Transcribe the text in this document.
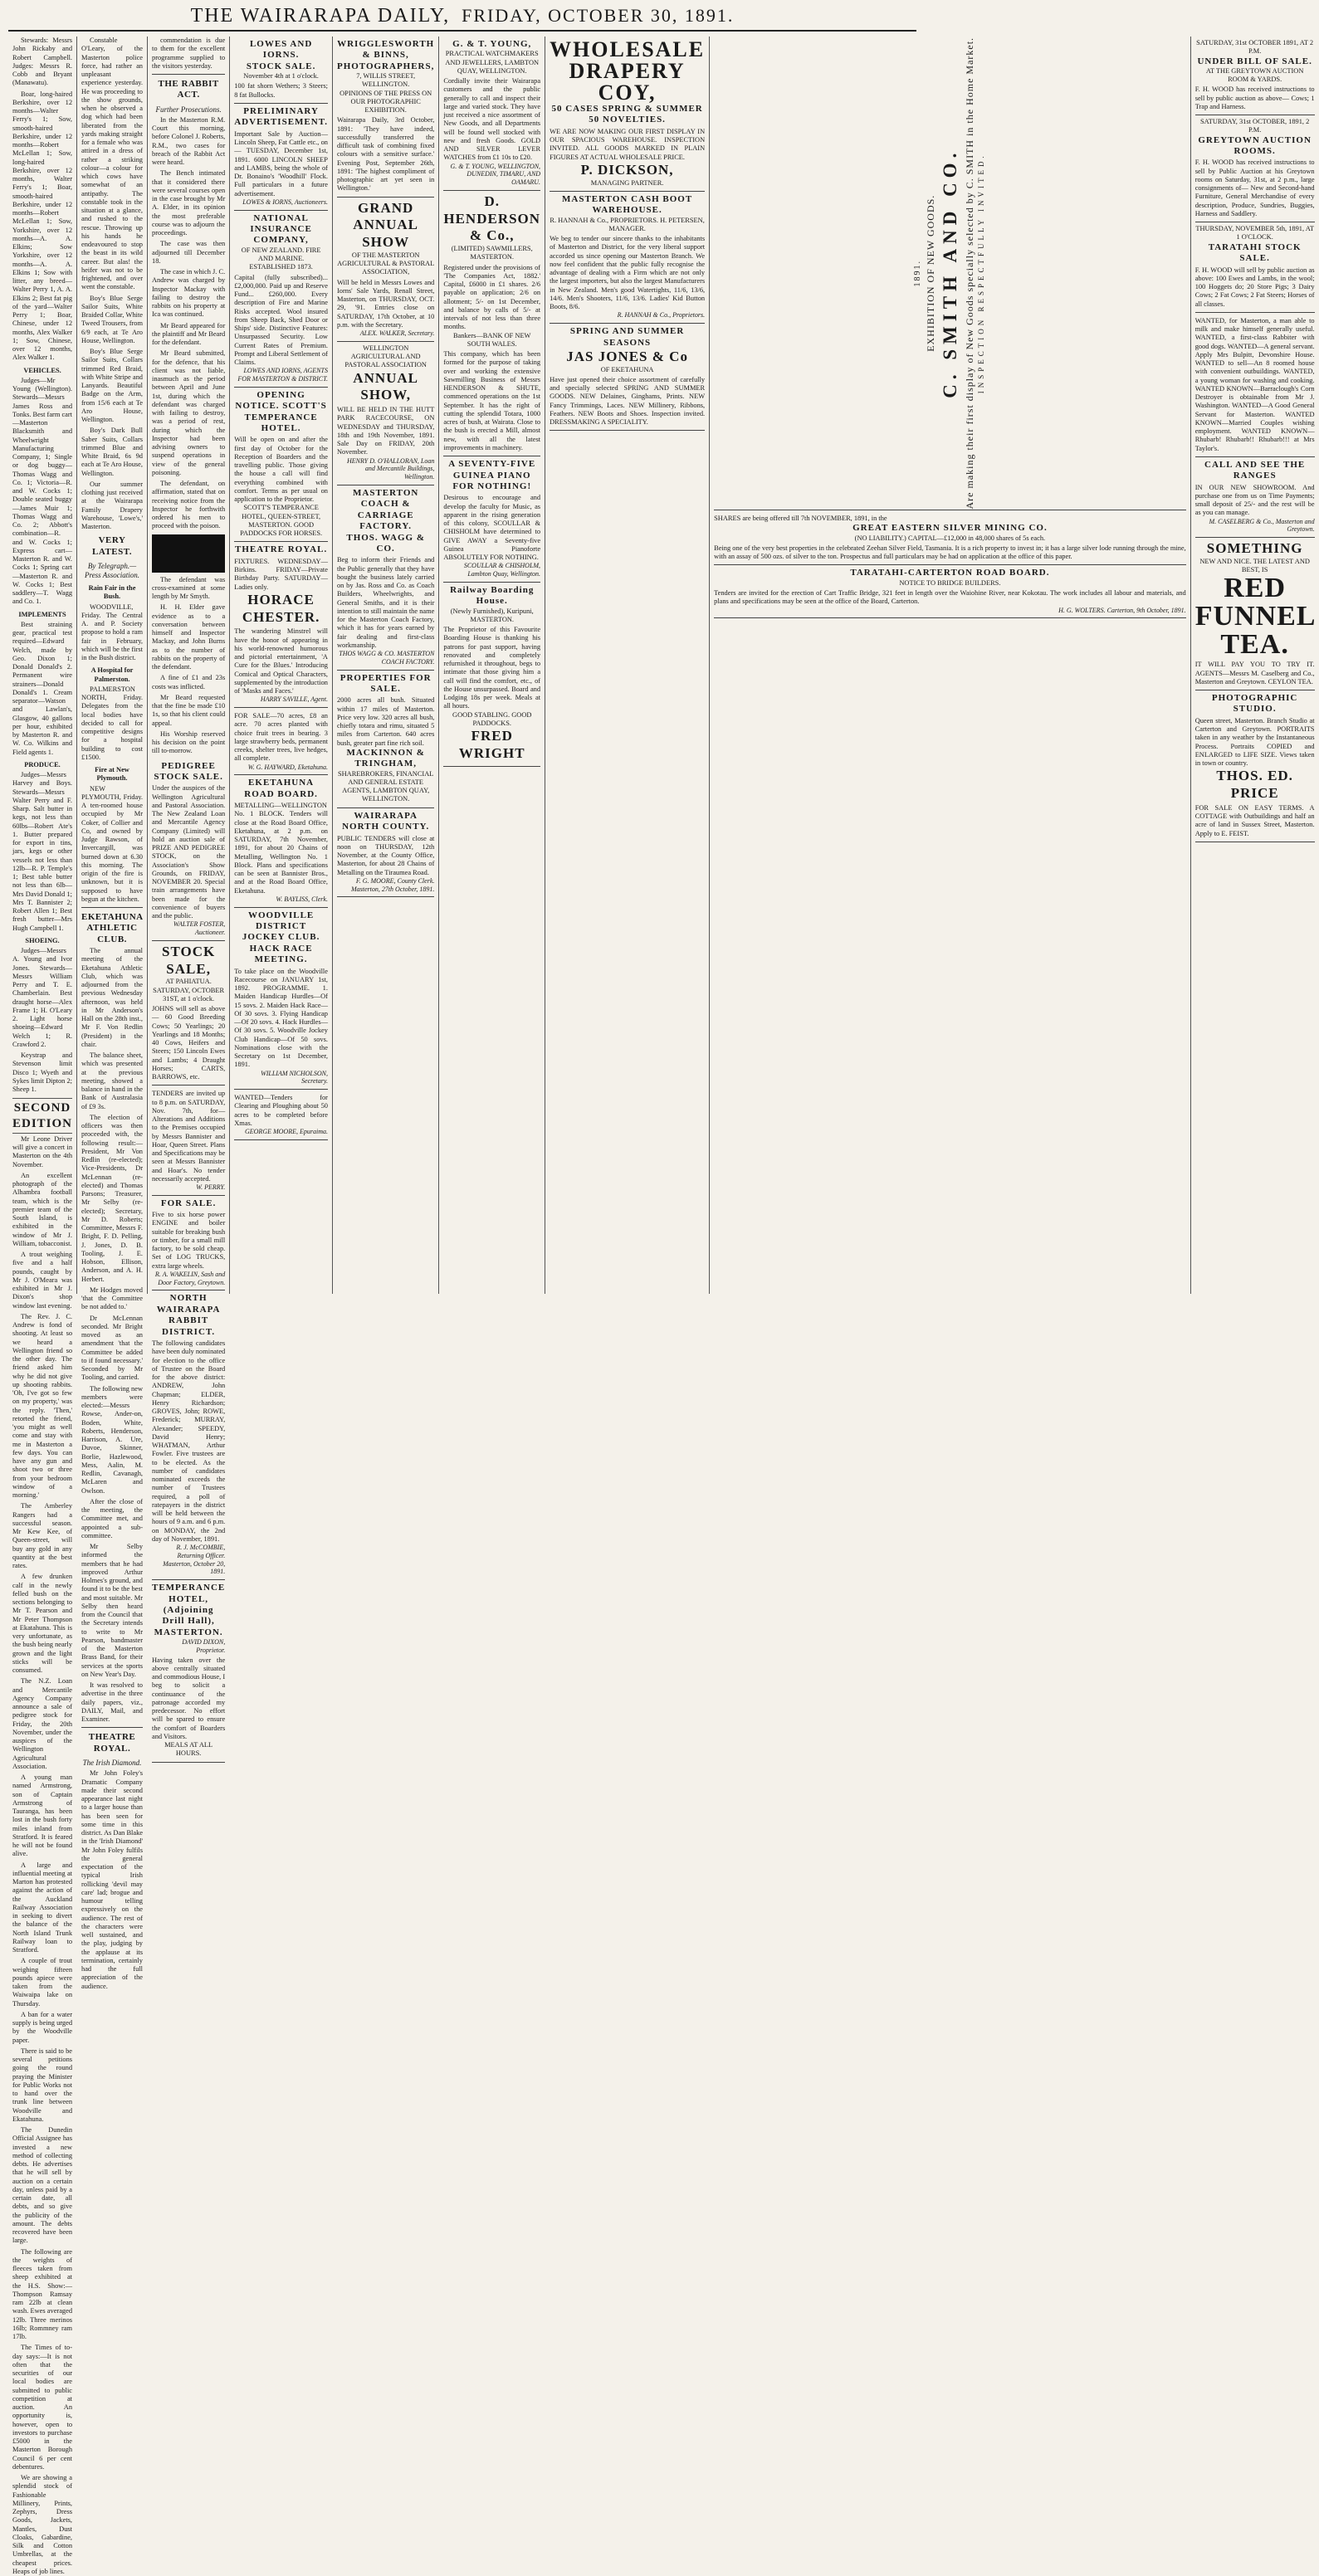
THE WAIRARAPA DAILY, FRIDAY, OCTOBER 30, 1891.

Stewards: Messrs John Rickaby and Robert Campbell. Judges: Messrs R. Cobb and Bryant (Manawatu).

Boar, long-haired Berkshire, over 12 months—Walter Ferry's 1; Sow, smooth-haired Berkshire, under 12 months—Robert McLellan 1; Sow, long-haired Berkshire, over 12 months, Walter Ferry's 1; Boar, smooth-haired Berkshire, under 12 months—Robert McLellan 1; Sow, Yorkshire, over 12 months—A. A. Elkins; Sow Yorkshire, over 12 months—A. A. Elkins 1; Sow with litter, any breed—Walter Perry 1, A. A. Elkins 2; Best fat pig of the yard—Walter Perry 1; Boar, Chinese, under 12 months, Alex Walker 1; Sow, Chinese, over 12 months, Alex Walker 1.

VEHICLES.

Judges—Mr Young (Wellington). Stewards—Messrs James Ross and Tonks. Best farm cart—Masterton Blacksmith and Wheelwright Manufacturing Company, 1; Single or dog buggy—Thomas Wagg and Co. 1; Victoria—R. and W. Cocks 1; Double seated buggy—James Muir 1; Thomas Wagg and Co. 2; Abbott's combination—R. and W. Cocks 1; Express cart—Masterton R. and W. Cocks 1; Spring cart—Masterton R. and W. Cocks 1; Best saddlery—T. Wagg and Co. 1.

IMPLEMENTS

Best straining gear, practical test required—Edward Welch, made by Geo. Dixon 1; Donald Donald's 2. Permanent wire strainers—Donald Donald's 1. Cream separator—Watson and Lawlan's, Glasgow, 40 gallons per hour, exhibited by Masterton R. and W. Co. Wilkins and Field agents 1.

PRODUCE.

Judges—Messrs Harvey and Boys. Stewards—Messrs Walter Perry and F. Sharp. Salt butter in kegs, not less than 60lbs—Robert Ate's 1. Butter prepared for export in tins, jars, kegs or other vessels not less than 12lb—R. P. Temple's 1; Best table butter not less than 6lb—Mrs David Donald 1; Mrs T. Bannister 2; Robert Allen 1; Best fresh butter—Mrs Hugh Campbell 1.

SHOEING.

Judges—Messrs A. Young and Ivor Jones. Stewards—Messrs William Perry and T. E. Chamberlain. Best draught horse—Alex Frame 1; H. O'Leary 2. Light horse shoeing—Edward Welch 1; R. Crawford 2.

Keystrap and Stevenson limit Disco 1; Wyeth and Sykes limit Dipton 2; Sheep 1.

SECOND EDITION

Mr Leone Driver will give a concert in Masterton on the 4th November.

An excellent photograph of the Alhambra football team, which is the premier team of the South Island, is exhibited in the window of Mr J. William, tobacconist.

A trout weighing five and a half pounds, caught by Mr J. O'Meara was exhibited in Mr J. Dixon's shop window last evening.

The Rev. J. C. Andrew is fond of shooting. At least so we heard a Wellington friend so the other day. The friend asked him why he did not give up shooting rabbits. 'Oh, I've got so few on my property,' was the reply. 'Then,' retorted the friend, 'you might as well come and stay with me in Masterton a few days. You can have any gun and shoot two or three from your bedroom window of a morning.'

The Amberley Rangers had a successful season. Mr Kew Kee, of Queen-street, will buy any gold in any quantity at the best rates.

A few drunken calf in the newly felled bush on the sections belonging to Mr T. Pearson and Mr Peter Thompson at Ekatahuna. This is very unfortunate, as the bush being nearly grown and the light sticks will be consumed.

The N.Z. Loan and Mercantile Agency Company announce a sale of pedigree stock for Friday, the 20th November, under the auspices of the Wellington Agricultural Association.

A young man named Armstrong, son of Captain Armstrong of Tauranga, has been lost in the bush forty miles inland from Stratford. It is feared he will not be found alive.

A large and influential meeting at Marton has protested against the action of the Auckland Railway Association in seeking to divert the balance of the North Island Trunk Railway loan to Stratford.

A couple of trout weighing fifteen pounds apiece were taken from the Waiwaipa lake on Thursday.

A ban for a water supply is being urged by the Woodville paper.

There is said to be several petitions going the round praying the Minister for Public Works not to hand over the trunk line between Woodville and Ekatahuna.

The Dunedin Official Assignee has invested a new method of collecting debts. He advertises that he will sell by auction on a certain day, unless paid by a certain date, all debts, and so give the publicity of the amount. The debts recovered have been large.

The following are the weights of fleeces taken from sheep exhibited at the H.S. Show:—Thompson Ramsay ram 22lb at clean wash. Ewes averaged 12lb. Three merinos 16lb; Rommney ram 17lb.

The Times of to-day says:—It is not often that the securities of our local bodies are submitted to public competition at auction. An opportunity is, however, open to investors to purchase £5000 in the Masterton Borough Council 6 per cent debentures.

We are showing a splendid stock of Fashionable Millinery, Prints, Zephyrs, Dress Goods, Jackets, Mantles, Dust Cloaks, Gabardine, Silk and Cotton Umbrellas, at the cheapest prices. Heaps of job lines.

Constable O'Leary, of the Masterton police force, had rather an unpleasant experience yesterday. He was proceeding to the show grounds, when he observed a dog which had been liberated from the yards making straight for a female who was attired in a dress of rather a striking colour—a colour for which cows have somewhat of an antipathy. The constable took in the situation at a glance, and rushed to the rescue. Throwing up his hands he endeavoured to stop the beast in its wild career. But alas! the heifer was not to be frightened, and over went the constable.

Boy's Blue Serge Sailor Suits, White Braided Collar, White Tweed Trousers, from 6/9 each, at Te Aro House, Wellington.

Boy's Blue Serge Sailor Suits, Collars trimmed Red Braid, with White Stripe and Lanyards. Beautiful Badge on the Arm, from 15/6 each at Te Aro House, Wellington.

Boy's Dark Bull Saber Suits, Collars trimmed Blue and White Braid, 6s 9d each at Te Aro House, Wellington.

Our summer clothing just received at the Wairarapa Family Drapery Warehouse, 'Lowe's,' Masterton.

VERY LATEST.
By Telegraph.—Press Association.
Rain Fair in the Bush.

WOODVILLE, Friday. The Central A. and P. Society propose to hold a ram fair in February, which will be the first in the Bush district.

A Hospital for Palmerston.

PALMERSTON NORTH, Friday. Delegates from the local bodies have decided to call for competitive designs for a hospital building to cost £1500.

Fire at New Plymouth.

NEW PLYMOUTH, Friday. A ten-roomed house occupied by Mr Coker, of Collier and Co, and owned by Judge Rawson, of Invercargill, was burned down at 6.30 this morning. The origin of the fire is unknown, but it is supposed to have begun at the kitchen.

EKETAHUNA ATHLETIC CLUB.

The annual meeting of the Eketahuna Athletic Club, which was adjourned from the previous Wednesday afternoon, was held in Mr Anderson's Hall on the 28th inst., Mr F. Von Redlin (President) in the chair.

The balance sheet, which was presented at the previous meeting, showed a balance in hand in the Bank of Australasia of £9 3s.

The election of officers was then proceeded with, the following result:—President, Mr Von Redlin (re-elected); Vice-Presidents, Dr McLennan (re-elected) and Thomas Parsons; Treasurer, Mr Selby (re-elected); Secretary, Mr D. Roberts; Committee, Messrs F. Bright, F. D. Pelling, J. Jones, D. B. Tooling, J. E. Hobson, Ellison, Anderson, and A. H. Herbert.

Mr Hodges moved 'that the Committee be not added to.'

Dr McLennan seconded. Mr Bright moved as an amendment 'that the Committee be added to if found necessary.' Seconded by Mr Tooling, and carried.

The following new members were elected:—Messrs Rowse, Ander-on, Boden, White, Roberts, Henderson, Harrison, A. Ure, Duvoe, Skinner, Borlie, Hazlewood, Mess, Aalin, M. Redlin, Cavanagh, McLaren and Owlson.

After the close of the meeting, the Committee met, and appointed a sub-committee.

Mr Selby informed the members that he had improved Arthur Holmes's ground, and found it to be the best and most suitable. Mr Selby then heard from the Council that the Secretary intends to write to Mr Pearson, bandmaster of the Masterton Brass Band, for their services at the sports on New Year's Day.

It was resolved to advertise in the three daily papers, viz., DAILY, Mail, and Examiner.

THEATRE ROYAL.
The Irish Diamond.

Mr John Foley's Dramatic Company made their second appearance last night to a larger house than has been seen for some time in this district. As Dan Blake in the 'Irish Diamond' Mr John Foley fulfils the general expectation of the typical Irish rollicking 'devil may care' lad; brogue and humour telling expressively on the audience. The rest of the characters were well sustained, and the play, judging by the applause at its termination, certainly had the full appreciation of the audience.

commendation is due to them for the excellent programme supplied to the visitors yesterday.

THE RABBIT ACT.
Further Prosecutions.

In the Masterton R.M. Court this morning, before Colonel J. Roberts, R.M., two cases for breach of the Rabbit Act were heard.

The Bench intimated that it considered there were several courses open in the case brought by Mr A. Elder, in its opinion the most preferable course was to adjourn the proceedings.

The case was then adjourned till December 18.

The case in which J. C. Andrew was charged by Inspector Mackay with failing to destroy the rabbits on his property at Ica was continued.

Mr Beard appeared for the plaintiff and Mr Beard for the defendant.

Mr Beard submitted, for the defence, that his client was not liable, inasmuch as the period between April and June 1st, during which the defendant was charged with failing to destroy, was a period of rest, during which the Inspector had been advising owners to suspend operations in view of the general poisoning.

The defendant, on affirmation, stated that on receiving notice from the Inspector he forthwith ordered his men to proceed with the poison.

The defendant was cross-examined at some length by Mr Smyth.

H. H. Elder gave evidence as to a conversation between himself and Inspector Mackay, and John Burns as to the number of rabbits on the property of the defendant.

A fine of £1 and 23s costs was inflicted.

Mr Beard requested that the fine be made £10 1s, so that his client could appeal.

His Worship reserved his decision on the point till to-morrow.

PEDIGREE STOCK SALE.
Under the auspices of the Wellington Agricultural and Pastoral Association. The New Zealand Loan and Mercantile Agency Company (Limited) will hold an auction sale of PRIZE AND PEDIGREE STOCK, on the Association's Show Grounds, on FRIDAY, NOVEMBER 20. Special train arrangements have been made for the convenience of buyers and the public.
WALTER FOSTER, Auctioneer.
STOCK SALE,
AT PAHIATUA.
SATURDAY, OCTOBER 31ST, at 1 o'clock.
JOHNS will sell as above— 60 Good Breeding Cows; 50 Yearlings; 20 Yearlings and 18 Months; 40 Cows, Heifers and Steers; 150 Lincoln Ewes and Lambs; 4 Draught Horses; CARTS, BARROWS, etc.
TENDERS are invited up to 8 p.m. on SATURDAY, Nov. 7th, for— Alterations and Additions to the Premises occupied by Messrs Bannister and Hoar, Queen Street. Plans and Specifications may be seen at Messrs Bannister and Hoar's. No tender necessarily accepted.
W. PERRY.
FOR SALE.
Five to six horse power ENGINE and boiler suitable for breaking bush or timber, for a small mill factory, to be sold cheap. Set of LOG TRUCKS, extra large wheels.
R. A. WAKELIN, Sash and Door Factory, Greytown.
NORTH WAIRARAPA RABBIT DISTRICT.
The following candidates have been duly nominated for election to the office of Trustee on the Board for the above district: ANDREW, John Chapman; ELDER, Henry Richardson; GROVES, John; ROWE, Frederick; MURRAY, Alexander; SPEEDY, David Henry; WHATMAN, Arthur Fowler. Five trustees are to be elected. As the number of candidates nominated exceeds the number of Trustees required, a poll of ratepayers in the district will be held between the hours of 9 a.m. and 6 p.m. on MONDAY, the 2nd day of November, 1891.
R. J. McCOMBIE, Returning Officer. Masterton, October 20, 1891.
TEMPERANCE HOTEL, (Adjoining Drill Hall), MASTERTON.
DAVID DIXON, Proprietor.
Having taken over the above centrally situated and commodious House, I beg to solicit a continuance of the patronage accorded my predecessor. No effort will be spared to ensure the comfort of Boarders and Visitors.
MEALS AT ALL HOURS.
LOWES AND IORNS.
STOCK SALE.
November 4th at 1 o'clock.
100 fat shorn Wethers; 3 Steers; 8 fat Bullocks.
PRELIMINARY ADVERTISEMENT.
Important Sale by Auction— Lincoln Sheep, Fat Cattle etc., on— TUESDAY, December 1st, 1891. 6000 LINCOLN SHEEP and LAMBS, being the whole of Dr. Bonaino's 'Woodhill' Flock. Full particulars in a future advertisement.
LOWES & IORNS, Auctioneers.
NATIONAL INSURANCE COMPANY,
OF NEW ZEALAND. FIRE AND MARINE. ESTABLISHED 1873.
Capital (fully subscribed)... £2,000,000. Paid up and Reserve Fund... £260,000. Every description of Fire and Marine Risks accepted. Wool insured from Sheep Back, Shed Door or Ships' side. Distinctive Features: Unsurpassed Security. Low Current Rates of Premium. Prompt and Liberal Settlement of Claims.
LOWES AND IORNS, AGENTS FOR MASTERTON & DISTRICT.
OPENING NOTICE. SCOTT'S TEMPERANCE HOTEL.
Will be open on and after the first day of October for the Reception of Boarders and the travelling public. Those giving the house a call will find everything combined with comfort. Terms as per usual on application to the Proprietor.
SCOTT'S TEMPERANCE HOTEL, QUEEN-STREET, MASTERTON. GOOD PADDOCKS FOR HORSES.
THEATRE ROYAL.
FIXTURES. WEDNESDAY—Birkins. FRIDAY—Private Birthday Party. SATURDAY—Ladies only.
HORACE CHESTER.
The wandering Minstrel will have the honor of appearing in his world-renowned humorous and pictorial entertainment, 'A Cure for the Blues.' Introducing Comical and Optical Characters, supplemented by the introduction of 'Masks and Faces.'
HARRY SAVILLE, Agent.
FOR SALE—70 acres, £8 an acre. 70 acres planted with choice fruit trees in bearing. 3 large strawberry beds, permanent creeks, shelter trees, live hedges, all complete.
W. G. HAYWARD, Eketahuna.
EKETAHUNA ROAD BOARD.
METALLING—WELLINGTON No. 1 BLOCK. Tenders will close at the Road Board Office, Eketahuna, at 2 p.m. on SATURDAY, 7th November, 1891, for about 20 Chains of Metalling, Wellington No. 1 Block. Plans and specifications can be seen at Bannister Bros., and at the Road Board Office, Eketahuna.
W. BAYLISS, Clerk.
WOODVILLE DISTRICT JOCKEY CLUB.
HACK RACE MEETING.
To take place on the Woodville Racecourse on JANUARY 1st, 1892. PROGRAMME. 1. Maiden Handicap Hurdles—Of 15 sovs. 2. Maiden Hack Race—Of 30 sovs. 3. Flying Handicap—Of 20 sovs. 4. Hack Hurdles—Of 30 sovs. 5. Woodville Jockey Club Handicap—Of 50 sovs. Nominations close with the Secretary on 1st December, 1891.
WILLIAM NICHOLSON, Secretary.
WANTED—Tenders for Clearing and Ploughing about 50 acres to be completed before Xmas.
GEORGE MOORE, Epuraima.
WRIGGLESWORTH & BINNS, PHOTOGRAPHERS,
7, WILLIS STREET, WELLINGTON.
OPINIONS OF THE PRESS ON OUR PHOTOGRAPHIC EXHIBITION.
Wairarapa Daily, 3rd October, 1891: 'They have indeed, successfully transferred the difficult task of combining fixed colours with a sensitive surface.' Evening Post, September 26th, 1891: 'The highest compliment of photographic art yet seen in Wellington.'
GRAND ANNUAL SHOW
OF THE MASTERTON AGRICULTURAL & PASTORAL ASSOCIATION,
Will be held in Messrs Lowes and Iorns' Sale Yards, Renall Street, Masterton, on THURSDAY, OCT. 29, '91. Entries close on SATURDAY, 17th October, at 10 p.m. with the Secretary.
ALEX. WALKER, Secretary.
WELLINGTON AGRICULTURAL AND PASTORAL ASSOCIATION
ANNUAL SHOW,
WILL BE HELD IN THE HUTT PARK RACECOURSE, ON WEDNESDAY and THURSDAY, 18th and 19th November, 1891. Sale Day on FRIDAY, 20th November.
HENRY D. O'HALLORAN, Loan and Mercantile Buildings, Wellington.
MASTERTON COACH & CARRIAGE FACTORY.
THOS. WAGG & CO.
Beg to inform their Friends and the Public generally that they have bought the business lately carried on by Jas. Ross and Co. as Coach Builders, Wheelwrights, and General Smiths, and it is their intention to still maintain the name for the Masterton Coach Factory, which it has for years earned by fair dealing and first-class workmanship.
THOS WAGG & CO. MASTERTON COACH FACTORY.
PROPERTIES FOR SALE.
2000 acres all bush. Situated within 17 miles of Masterton. Price very low. 320 acres all bush, chiefly totara and rimu, situated 5 miles from Carterton. 640 acres bush, greater part fine rich soil.
MACKINNON & TRINGHAM,
SHAREBROKERS, FINANCIAL AND GENERAL ESTATE AGENTS, LAMBTON QUAY, WELLINGTON.
WAIRARAPA NORTH COUNTY.
PUBLIC TENDERS will close at noon on THURSDAY, 12th November, at the County Office, Masterton, for about 28 Chains of Metalling on the Tiraumea Road.
F. G. MOORE, County Clerk. Masterton, 27th October, 1891.
G. & T. YOUNG,
PRACTICAL WATCHMAKERS AND JEWELLERS, LAMBTON QUAY, WELLINGTON.
Cordially invite their Wairarapa customers and the public generally to call and inspect their large and varied stock. They have just received a nice assortment of New Goods, and all Departments will be found well stocked with new and fresh Goods. GOLD AND SILVER LEVER WATCHES from £1 10s to £20.
G. & T. YOUNG, WELLINGTON, DUNEDIN, TIMARU, AND OAMARU.
D. HENDERSON & Co.,
(LIMITED) SAWMILLERS, MASTERTON.
Registered under the provisions of 'The Companies Act, 1882.' Capital, £6000 in £1 shares. 2/6 payable on application; 2/6 on allotment; 5/- on 1st December, and balance by calls of 5/- at intervals of not less than three months.
Bankers—BANK OF NEW SOUTH WALES.
This company, which has been formed for the purpose of taking over and working the extensive Sawmilling Business of Messrs HENDERSON & SHUTE, commenced operations on the 1st September. It has the right of cutting the splendid Totara, 1000 acres of bush, at Wairata. Close to the bush is erected a Mill, almost new, with all the latest improvements in machinery.
A SEVENTY-FIVE GUINEA PIANO FOR NOTHING!
Desirous to encourage and develop the faculty for Music, as apparent in the rising generation of this colony, SCOULLAR & CHISHOLM have determined to GIVE AWAY a Seventy-five Guinea Pianoforte ABSOLUTELY FOR NOTHING.
SCOULLAR & CHISHOLM, Lambton Quay, Wellington.
Railway Boarding House.
(Newly Furnished), Kuripuni, MASTERTON.
The Proprietor of this Favourite Boarding House is thanking his patrons for past support, having renovated and completely refurnished it throughout, begs to intimate that those giving him a call will find the comfort, etc., of the House unsurpassed. Board and Lodging 18s per week. Meals at all hours.
GOOD STABLING. GOOD PADDOCKS.
FRED WRIGHT
WHOLESALE
DRAPERY
COY,
50 CASES SPRING & SUMMER 50 NOVELTIES.
WE ARE NOW MAKING OUR FIRST DISPLAY IN OUR SPACIOUS WAREHOUSE. INSPECTION INVITED. ALL GOODS MARKED IN PLAIN FIGURES AT ACTUAL WHOLESALE PRICE.
P. DICKSON,
MANAGING PARTNER.
MASTERTON CASH BOOT WAREHOUSE.
R. HANNAH & Co., PROPRIETORS. H. PETERSEN, MANAGER.
We beg to tender our sincere thanks to the inhabitants of Masterton and District, for the very liberal support accorded us since opening our Masterton Branch. We now feel confident that the public fully recognise the advantage of dealing with a Firm which are not only the largest importers, but also the largest Manufacturers in New Zealand. Men's good Watertights, 11/6, 13/6, 14/6. Men's Shooters, 11/6, 13/6. Ladies' Kid Button Boots, 8/6.
R. HANNAH & Co., Proprietors.
SPRING AND SUMMER SEASONS
JAS JONES & Co
OF EKETAHUNA
Have just opened their choice assortment of carefully and specially selected SPRING AND SUMMER GOODS. NEW Delaines, Ginghams, Prints. NEW Fancy Trimmings, Laces. NEW Millinery, Ribbons, Feathers. NEW Boots and Shoes. Inspection invited. DRESSMAKING A SPECIALITY.
1891. EXHIBITION OF NEW GOODS. C. SMITH AND CO. Are making their first display of New Goods specially selected by C. SMITH in the Home Market. INSPECTION RESPECTFULLY INVITED.
SHARES are being offered till 7th NOVEMBER, 1891, in the
GREAT EASTERN SILVER MINING CO.
(NO LIABILITY.) CAPITAL—£12,000 in 48,000 shares of 5s each.
Being one of the very best properties in the celebrated Zeehan Silver Field, Tasmania. It is a rich property to invest in; it has a large silver lode running through the mine, with an assay of 500 ozs. of silver to the ton. Prospectus and full particulars may be had on application at the office of this paper.
TARATAHI-CARTERTON ROAD BOARD.
NOTICE TO BRIDGE BUILDERS.
Tenders are invited for the erection of Cart Traffic Bridge, 321 feet in length over the Waiohine River, near Kokotau. The work includes all labour and materials, and plans and specifications may be seen at the office of the Board, Carterton.
H. G. WOLTERS. Carterton, 9th October, 1891.
SATURDAY, 31st OCTOBER 1891, AT 2 P.M.
UNDER BILL OF SALE.
AT THE GREYTOWN AUCTION ROOM & YARDS.
F. H. WOOD has received instructions to sell by public auction as above— Cows; 1 Trap and Harness.
SATURDAY, 31st OCTOBER, 1891, 2 P.M.
GREYTOWN AUCTION ROOMS.
F. H. WOOD has received instructions to sell by Public Auction at his Greytown rooms on Saturday, 31st, at 2 p.m., large consignments of— New and Second-hand Furniture, General Merchandise of every description, Produce, Sundries, Buggies, Harness and Saddlery.
THURSDAY, NOVEMBER 5th, 1891, AT 1 O'CLOCK.
TARATAHI STOCK SALE.
F. H. WOOD will sell by public auction as above: 100 Ewes and Lambs, in the wool; 100 Hoggets do; 20 Store Pigs; 3 Dairy Cows; 2 Fat Cows; 2 Fat Steers; Horses of all classes.
WANTED, for Masterton, a man able to milk and make himself generally useful. WANTED, a first-class Rabbiter with good dogs. WANTED—A general servant. Apply Mrs Bulpitt, Devonshire House. WANTED to sell—An 8 roomed house with convenient outbuildings. WANTED, a young woman for washing and cooking. WANTED KNOWN—Barraclough's Corn Destroyer is obtainable from Mr J. Washington. WANTED—A Good General Servant for Masterton. WANTED KNOWN—Married Couples wishing employment. WANTED KNOWN—Rhubarb! Rhubarb!! Rhubarb!!! at Mrs Taylor's.
CALL AND SEE THE RANGES
IN OUR NEW SHOWROOM. And purchase one from us on Time Payments; small deposit of 25/- and the rest will be as you can manage.
M. CASELBERG & Co., Masterton and Greytown.
SOMETHING
NEW AND NICE. THE LATEST AND BEST, IS
RED FUNNEL TEA.
IT WILL PAY YOU TO TRY IT. AGENTS—Messrs M. Caselberg and Co., Masterton and Greytown. CEYLON TEA.
PHOTOGRAPHIC STUDIO.
Queen street, Masterton. Branch Studio at Carterton and Greytown. PORTRAITS taken in any weather by the Instantaneous Process. Portraits COPIED and ENLARGED to LIFE SIZE. Views taken in town or country.
THOS. ED. PRICE
FOR SALE ON EASY TERMS. A COTTAGE with Outbuildings and half an acre of land in Sussex Street, Masterton. Apply to E. FEIST.
